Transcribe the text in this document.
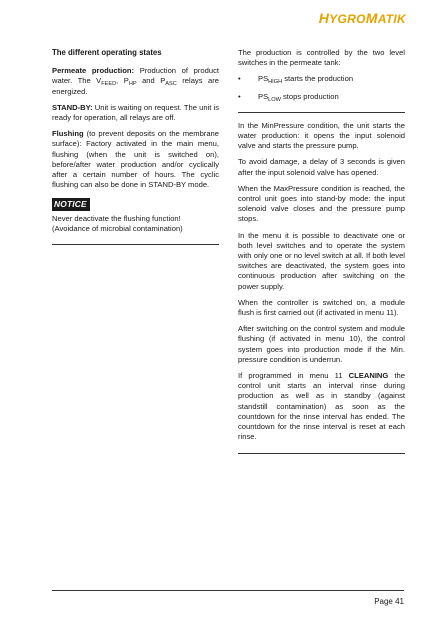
HYGROMATIK
The different operating states

Permeate production: Production of product water. The $V_{FEED}$, $P_{HP}$ and $P_{ASC}$ relays are energized.

STAND-BY: Unit is waiting on request. The unit is ready for operation, all relays are off.

Flushing (to prevent deposits on the membrane surface): Factory activated in the main menu, flushing (when the unit is switched on), before/after water production and/or cyclically after a certain number of hours. The cyclic flushing can also be done in STAND-BY mode.

NOTICE

Never deactivate the flushing function! (Avoidance of microbial contamination)

The production is controlled by the two level switches in the permeate tank:

• $PS_{HIGH}$ starts the production
• $PS_{LOW}$ stops production

In the MinPressure condition, the unit starts the water production: it opens the input solenoid valve and starts the pressure pump.

To avoid damage, a delay of 3 seconds is given after the input solenoid valve has opened.

When the MaxPressure condition is reached, the control unit goes into stand-by mode: the input solenoid valve closes and the pressure pump stops.

In the menu it is possible to deactivate one or both level switches and to operate the system with only one or no level switch at all. If both level switches are deactivated, the system goes into continuous production after switching on the power supply.

When the controller is switched on, a module flush is first carried out (if activated in menu 11).

After switching on the control system and module flushing (if activated in menu 10), the control system goes into production mode if the Min. pressure condition is underrun.

If programmed in menu 11 CLEANING the control unit starts an interval rinse during production as well as in standby (against standstill contamination) as soon as the countdown for the rinse interval has ended. The countdown for the rinse interval is reset at each rinse.

Page 41
